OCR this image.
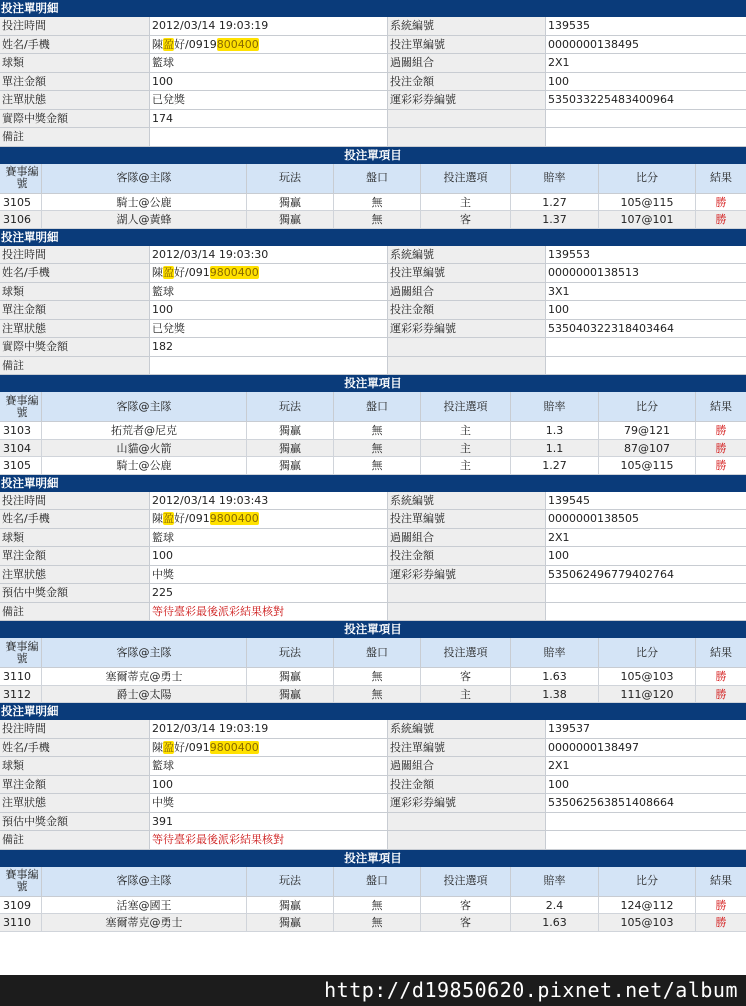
投注單明細
投注時間	2012/03/14 19:03:19	系統編號	139535
姓名/手機	陳盈好/0919800400	投注單編號	0000000138495
球類	籃球	過關組合	2X1
單注金額	100	投注金額	100
注單狀態	已兌獎	運彩彩券編號	535033225483400964
實際中獎金額	174
備註
投注單項目
賽事編號	客隊@主隊	玩法	盤口	投注選項	賠率	比分	結果
3105	騎士@公鹿	獨贏	無	主	1.27	105@115	勝
3106	湖人@黃蜂	獨贏	無	客	1.37	107@101	勝
投注單明細
投注時間	2012/03/14 19:03:30	系統編號	139553
姓名/手機	陳盈好/0919800400	投注單編號	0000000138513
球類	籃球	過關組合	3X1
單注金額	100	投注金額	100
注單狀態	已兌獎	運彩彩券編號	535040322318403464
實際中獎金額	182
備註
投注單項目
賽事編號	客隊@主隊	玩法	盤口	投注選項	賠率	比分	結果
3103	拓荒者@尼克	獨贏	無	主	1.3	79@121	勝
3104	山貓@火箭	獨贏	無	主	1.1	87@107	勝
3105	騎士@公鹿	獨贏	無	主	1.27	105@115	勝
投注單明細
投注時間	2012/03/14 19:03:43	系統編號	139545
姓名/手機	陳盈好/0919800400	投注單編號	0000000138505
球類	籃球	過關組合	2X1
單注金額	100	投注金額	100
注單狀態	中獎	運彩彩券編號	535062496779402764
預估中獎金額	225
備註	等待臺彩最後派彩結果核對
投注單項目
賽事編號	客隊@主隊	玩法	盤口	投注選項	賠率	比分	結果
3110	塞爾蒂克@勇士	獨贏	無	客	1.63	105@103	勝
3112	爵士@太陽	獨贏	無	主	1.38	111@120	勝
投注單明細
投注時間	2012/03/14 19:03:19	系統編號	139537
姓名/手機	陳盈好/0919800400	投注單編號	0000000138497
球類	籃球	過關組合	2X1
單注金額	100	投注金額	100
注單狀態	中獎	運彩彩券編號	535062563851408664
預估中獎金額	391
備註	等待臺彩最後派彩結果核對
投注單項目
賽事編號	客隊@主隊	玩法	盤口	投注選項	賠率	比分	結果
3109	活塞@國王	獨贏	無	客	2.4	124@112	勝
3110	塞爾蒂克@勇士	獨贏	無	客	1.63	105@103	勝
http://d19850620.pixnet.net/album
